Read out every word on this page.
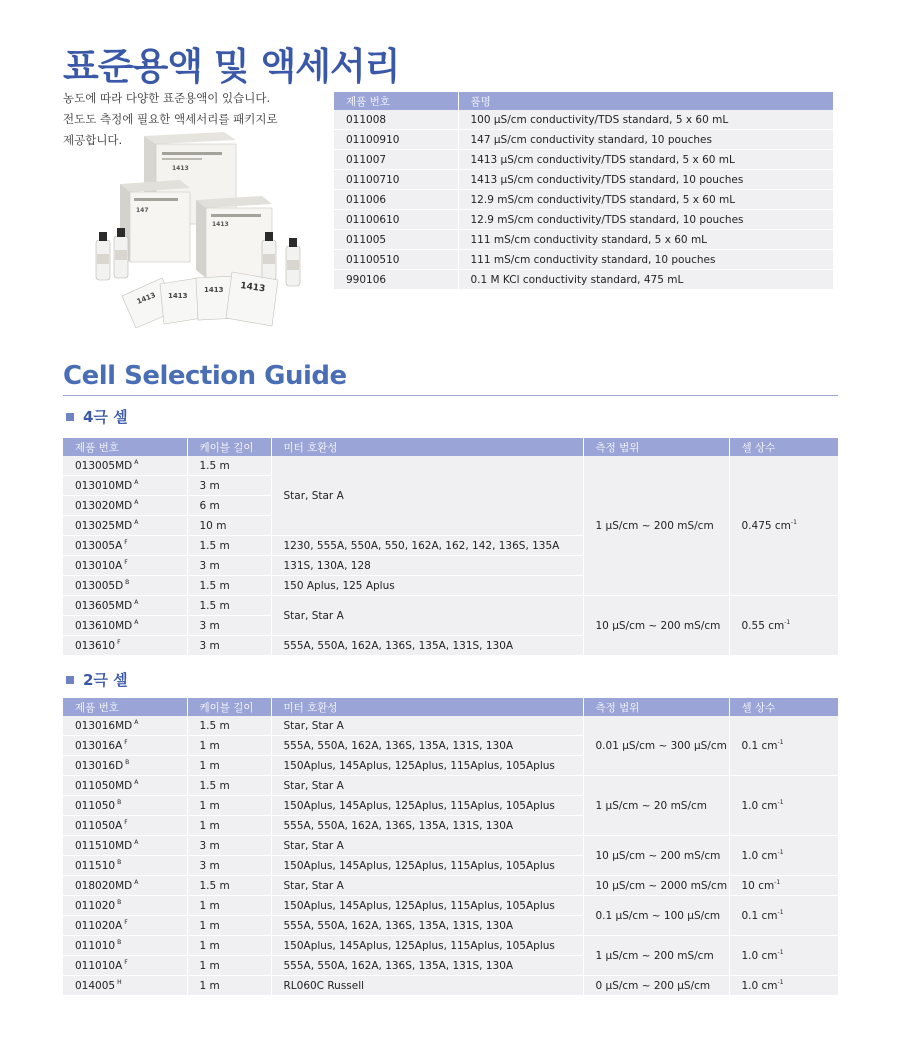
표준용액 및 액세서리

농도에 따라 다양한 표준용액이 있습니다.

전도도 측정에 필요한 액세서리를 패키지로

제공합니다.

1413
147
1413
1413 1413
1413 1413
제품 번호	품명
011008	100 µS/cm conductivity/TDS standard, 5 x 60 mL
01100910	147 µS/cm conductivity standard, 10 pouches
011007	1413 µS/cm conductivity/TDS standard, 5 x 60 mL
01100710	1413 µS/cm conductivity/TDS standard, 10 pouches
011006	12.9 mS/cm conductivity/TDS standard, 5 x 60 mL
01100610	12.9 mS/cm conductivity/TDS standard, 10 pouches
011005	111 mS/cm conductivity standard, 5 x 60 mL
01100510	111 mS/cm conductivity standard, 10 pouches
990106	0.1 M KCl conductivity standard, 475 mL
Cell Selection Guide
4극 셀
제품 번호	케이블 길이	미터 호환성	측정 범위	셀 상수
013005MD $^A$	1.5 m	Star, Star A	1 µS/cm ~ 200 mS/cm	0.475 $cm^{-1}$
013010MD $^A$	3 m			
013020MD $^A$	6 m			
013025MD $^A$	10 m			
013005A $^F$	1.5 m	1230, 555A, 550A, 550, 162A, 162, 142, 136S, 135A		
013010A $^F$	3 m	131S, 130A, 128		
013005D $^B$	1.5 m	150 Aplus, 125 Aplus		
013605MD $^A$	1.5 m	Star, Star A	10 µS/cm ~ 200 mS/cm	0.55 $cm^{-1}$
013610MD $^A$	3 m			
013610 $^F$	3 m	555A, 550A, 162A, 136S, 135A, 131S, 130A		
2극 셀
제품 번호	케이블 길이	미터 호환성	측정 범위	셀 상수
013016MD $^A$	1.5 m	Star, Star A	0.01 µS/cm ~ 300 µS/cm	0.1 $cm^{-1}$
013016A $^F$	1 m	555A, 550A, 162A, 136S, 135A, 131S, 130A		
013016D $^B$	1 m	150Aplus, 145Aplus, 125Aplus, 115Aplus, 105Aplus		
011050MD $^A$	1.5 m	Star, Star A	1 µS/cm ~ 20 mS/cm	1.0 $cm^{-1}$
011050 $^B$	1 m	150Aplus, 145Aplus, 125Aplus, 115Aplus, 105Aplus		
011050A $^F$	1 m	555A, 550A, 162A, 136S, 135A, 131S, 130A		
011510MD $^A$	3 m	Star, Star A	10 µS/cm ~ 200 mS/cm	1.0 $cm^{-1}$
011510 $^B$	3 m	150Aplus, 145Aplus, 125Aplus, 115Aplus, 105Aplus		
018020MD $^A$	1.5 m	Star, Star A	10 µS/cm ~ 2000 mS/cm	10 $cm^{-1}$
011020 $^B$	1 m	150Aplus, 145Aplus, 125Aplus, 115Aplus, 105Aplus	0.1 µS/cm ~ 100 µS/cm	0.1 $cm^{-1}$
011020A $^F$	1 m	555A, 550A, 162A, 136S, 135A, 131S, 130A		
011010 $^B$	1 m	150Aplus, 145Aplus, 125Aplus, 115Aplus, 105Aplus	1 µS/cm ~ 200 mS/cm	1.0 $cm^{-1}$
011010A $^F$	1 m	555A, 550A, 162A, 136S, 135A, 131S, 130A		
014005 $^H$	1 m	RL060C Russell	0 µS/cm ~ 200 µS/cm	1.0 $cm^{-1}$
